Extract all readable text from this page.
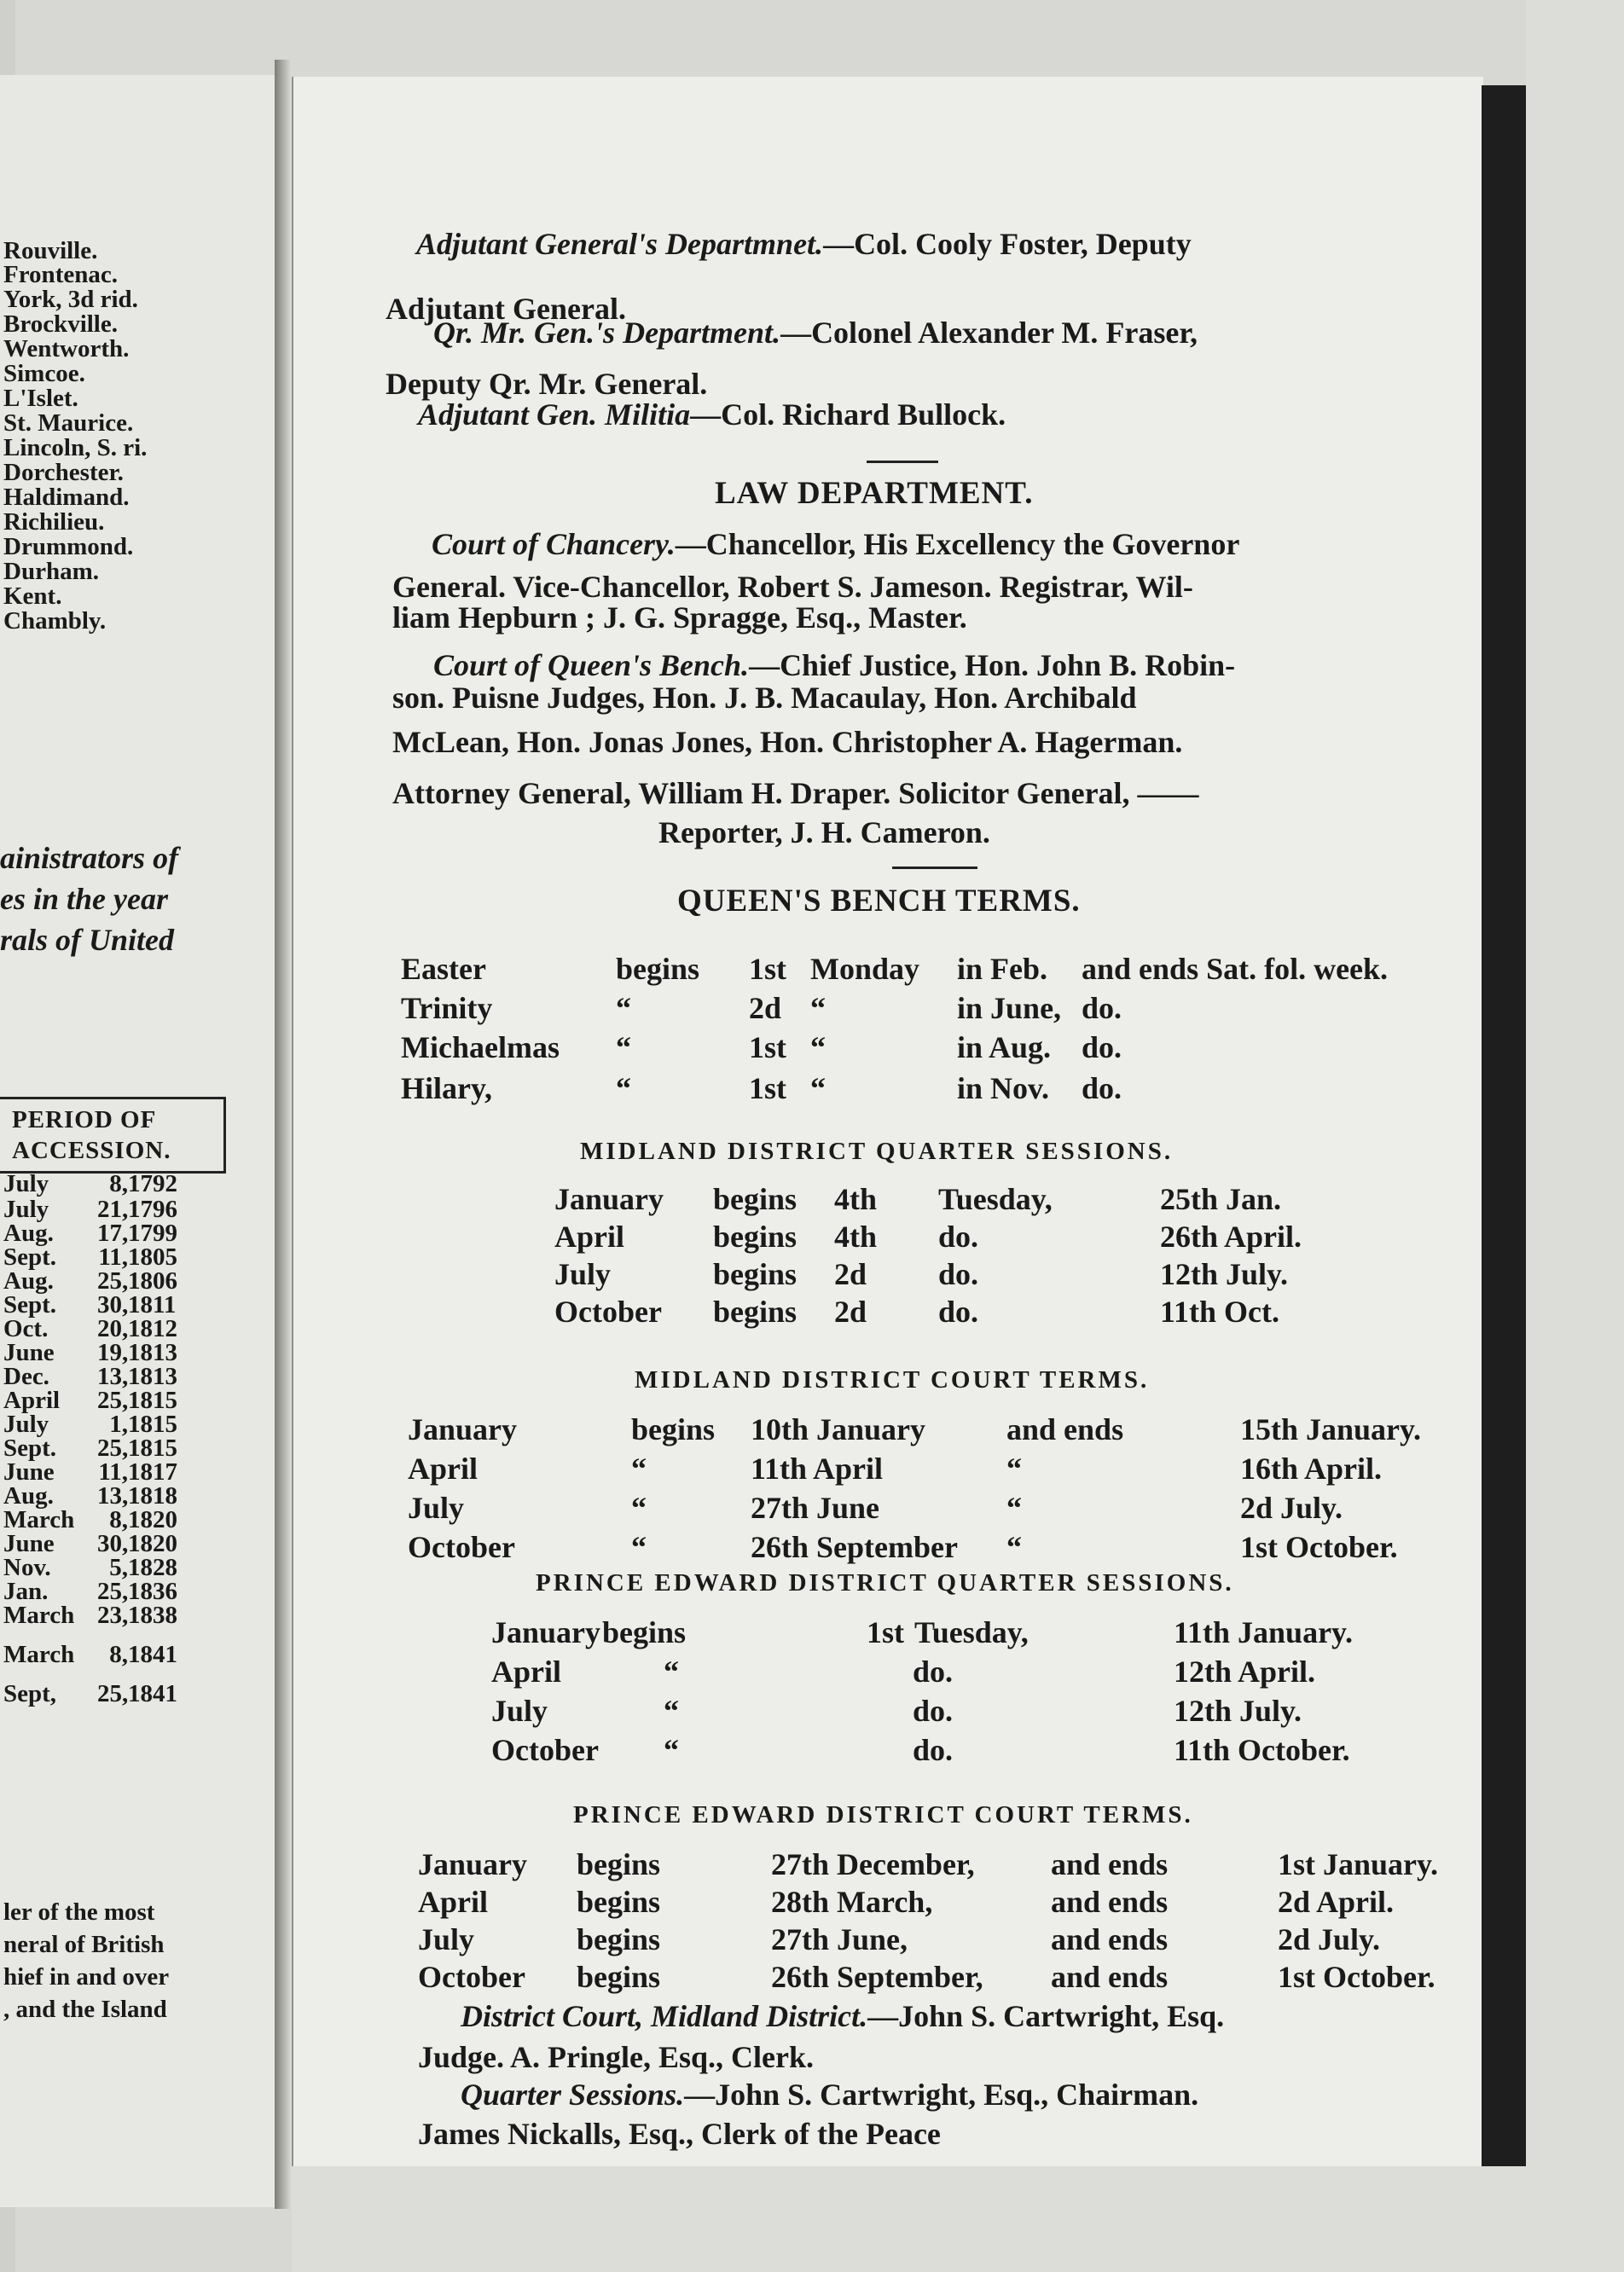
Rouville.
Frontenac.
York, 3d rid.
Brockville.
Wentworth.
Simcoe.
L'Islet.
St. Maurice.
Lincoln, S. ri.
Dorchester.
Haldimand.
Richilieu.
Drummond.
Durham.
Kent.
Chambly.
ainistrators of
es in the year
rals of United
PERIOD OF
ACCESSION.
July 8,1792
July 21,1796
Aug. 17,1799
Sept. 11,1805
Aug. 25,1806
Sept. 30,1811
Oct. 20,1812
June 19,1813
Dec. 13,1813
April 25,1815
July 1,1815
Sept. 25,1815
June 11,1817
Aug. 13,1818
March 8,1820
June 30,1820
Nov. 5,1828
Jan. 25,1836
March 23,1838
March 8,1841
Sept, 25,1841
ler of the most
neral of British
hief in and over
, and the Island
Adjutant General's Departmnet.—Col. Cooly Foster, Deputy
Adjutant General.
Qr. Mr. Gen.'s Department.—Colonel Alexander M. Fraser,
Deputy Qr. Mr. General.
Adjutant Gen. Militia—Col. Richard Bullock.
LAW DEPARTMENT.
Court of Chancery.—Chancellor, His Excellency the Governor
General. Vice-Chancellor, Robert S. Jameson. Registrar, Wil-
liam Hepburn ; J. G. Spragge, Esq., Master.
Court of Queen's Bench.—Chief Justice, Hon. John B. Robin-
son. Puisne Judges, Hon. J. B. Macaulay, Hon. Archibald
McLean, Hon. Jonas Jones, Hon. Christopher A. Hagerman.
Attorney General, William H. Draper. Solicitor General, ——
Reporter, J. H. Cameron.
QUEEN'S BENCH TERMS.
Easter	begins 1st Monday in Feb. and ends Sat. fol. week.
Trinity	“	2d “	in June, do.
Michaelmas “	1st “	in Aug. do.
Hilary,	“	1st “	in Nov. do.
MIDLAND DISTRICT QUARTER SESSIONS.
January begins 4th Tuesday,	25th Jan.
April	begins 4th do.	26th April.
July	begins 2d do.	12th July.
October begins 2d do.	11th Oct.
MIDLAND DISTRICT COURT TERMS.
January	begins 10th January	and ends	15th January.
April	“	11th April	“	16th April.
July	“	27th June	“	2d July.
October	“	26th September “	1st October.
PRINCE EDWARD DISTRICT QUARTER SESSIONS.
January begins	1st Tuesday,	11th January.
April	“	do.	12th April.
July	“	do.	12th July.
October “	do.	11th October.
PRINCE EDWARD DISTRICT COURT TERMS.
January begins	27th December, and ends	1st January.
April	begins	28th March,	and ends	2d April.
July	begins	27th June,	and ends	2d July.
October begins	26th September, and ends	1st October.
District Court, Midland District.—John S. Cartwright, Esq.
Judge. A. Pringle, Esq., Clerk.
Quarter Sessions.—John S. Cartwright, Esq., Chairman.
James Nickalls, Esq., Clerk of the Peace
